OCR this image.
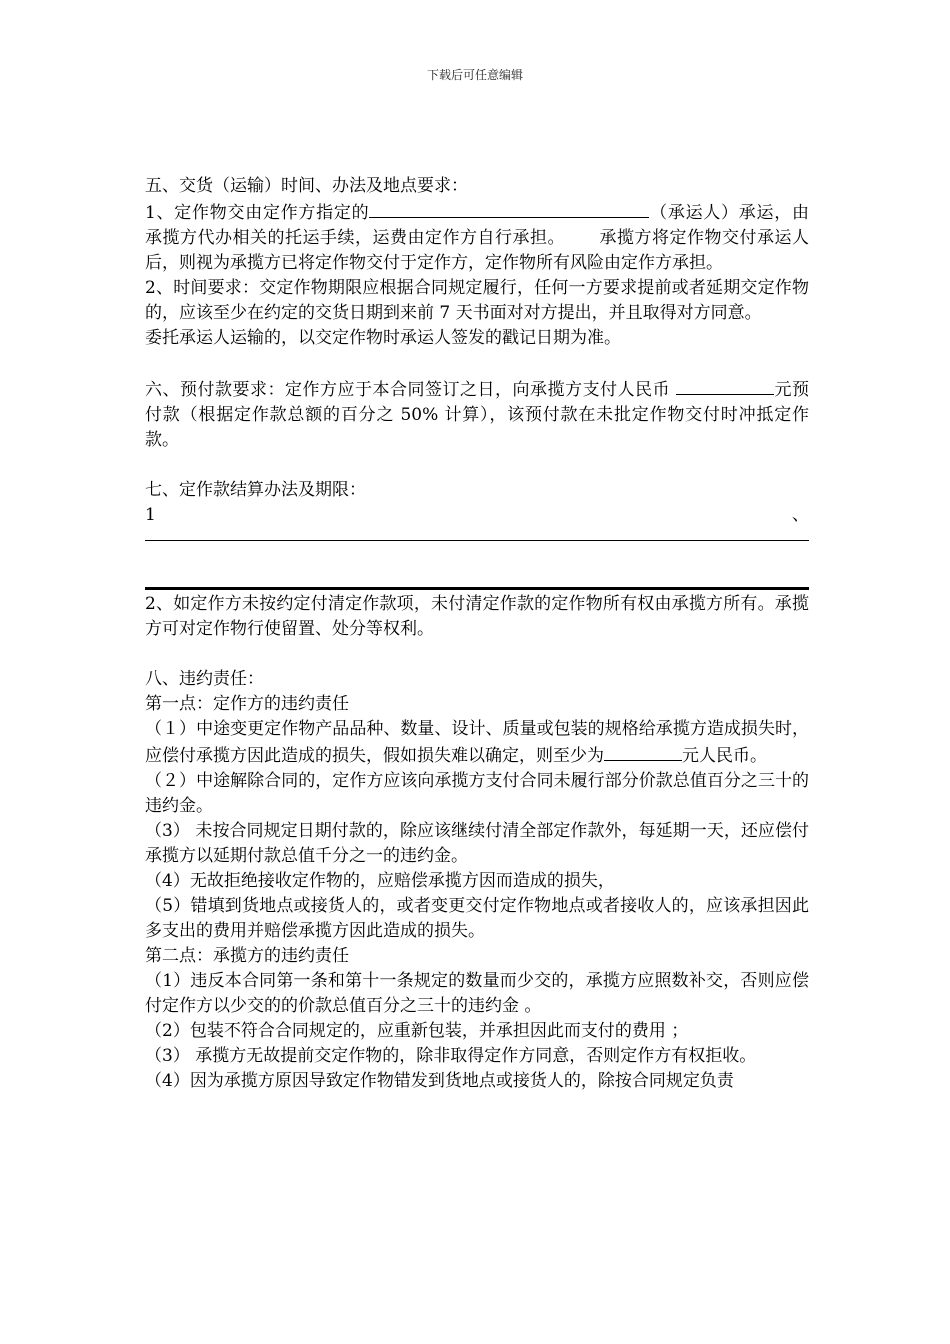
下载后可任意编辑

五、交货（运输）时间、办法及地点要求：

1、定作物交由定作方指定的	（承运人）承运，由承揽方代办相关的托运手续，运费由定作方自行承担。   承揽方将定作物交付承运人后，则视为承揽方已将定作物交付于定作方，定作物所有风险由定作方承担。

2、时间要求：交定作物期限应根据合同规定履行，任何一方要求提前或者延期交定作物的，应该至少在约定的交货日期到来前 7 天书面对对方提出，并且取得对方同意。

委托承运人运输的，以交定作物时承运人签发的戳记日期为准。

六、预付款要求：定作方应于本合同签订之日，向承揽方支付人民币	元预付款（根据定作款总额的百分之 50% 计算），该预付款在未批定作物交付时冲抵定作款。

七、定作款结算办法及期限：

1	、

2、如定作方未按约定付清定作款项，未付清定作款的定作物所有权由承揽方所有。承揽方可对定作物行使留置、处分等权利。

八、违约责任：

第一点：定作方的违约责任

（１）中途变更定作物产品品种、数量、设计、质量或包装的规格给承揽方造成损失时，应偿付承揽方因此造成的损失，假如损失难以确定，则至少为	元人民币。

（２）中途解除合同的，定作方应该向承揽方支付合同未履行部分价款总值百分之三十的违约金。

（3） 未按合同规定日期付款的，除应该继续付清全部定作款外，每延期一天，还应偿付承揽方以延期付款总值千分之一的违约金。

（4）无故拒绝接收定作物的，应赔偿承揽方因而造成的损失，

（5）错填到货地点或接货人的，或者变更交付定作物地点或者接收人的，应该承担因此多支出的费用并赔偿承揽方因此造成的损失。

第二点：承揽方的违约责任

（1）违反本合同第一条和第十一条规定的数量而少交的，承揽方应照数补交，否则应偿付定作方以少交的的价款总值百分之三十的违约金 。

（2）包装不符合合同规定的，应重新包装，并承担因此而支付的费用 ；

（3） 承揽方无故提前交定作物的，除非取得定作方同意，否则定作方有权拒收。

（4）因为承揽方原因导致定作物错发到货地点或接货人的，除按合同规定负责
